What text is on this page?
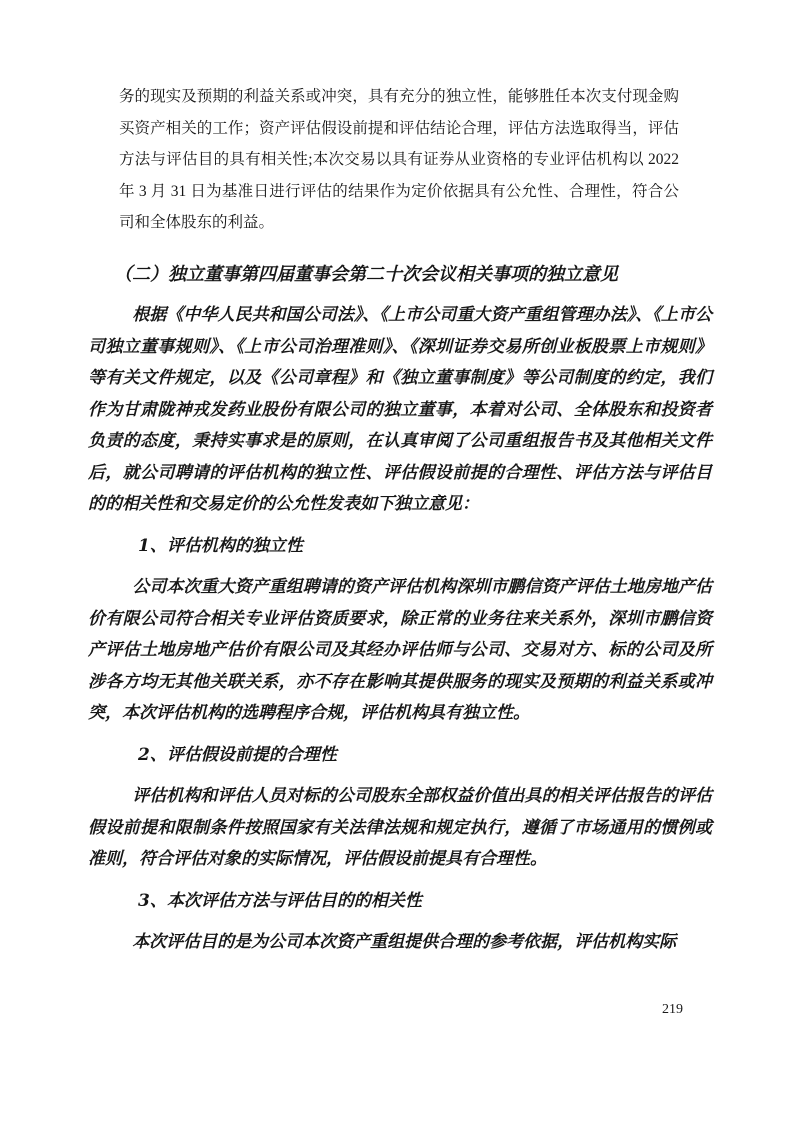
务的现实及预期的利益关系或冲突，具有充分的独立性，能够胜任本次支付现金购买资产相关的工作；资产评估假设前提和评估结论合理，评估方法选取得当，评估方法与评估目的具有相关性;本次交易以具有证券从业资格的专业评估机构以 2022 年 3 月 31 日为基准日进行评估的结果作为定价依据具有公允性、合理性，符合公司和全体股东的利益。

（二）独立董事第四届董事会第二十次会议相关事项的独立意见

根据《中华人民共和国公司法》、《上市公司重大资产重组管理办法》、《上市公司独立董事规则》、《上市公司治理准则》、《深圳证券交易所创业板股票上市规则》等有关文件规定，以及《公司章程》和《独立董事制度》等公司制度的约定，我们作为甘肃陇神戎发药业股份有限公司的独立董事，本着对公司、全体股东和投资者负责的态度，秉持实事求是的原则，在认真审阅了公司重组报告书及其他相关文件后，就公司聘请的评估机构的独立性、评估假设前提的合理性、评估方法与评估目的的相关性和交易定价的公允性发表如下独立意见：

1、评估机构的独立性

公司本次重大资产重组聘请的资产评估机构深圳市鹏信资产评估土地房地产估价有限公司符合相关专业评估资质要求，除正常的业务往来关系外，深圳市鹏信资产评估土地房地产估价有限公司及其经办评估师与公司、交易对方、标的公司及所涉各方均无其他关联关系，亦不存在影响其提供服务的现实及预期的利益关系或冲突，本次评估机构的选聘程序合规，评估机构具有独立性。

2、评估假设前提的合理性

评估机构和评估人员对标的公司股东全部权益价值出具的相关评估报告的评估假设前提和限制条件按照国家有关法律法规和规定执行，遵循了市场通用的惯例或准则，符合评估对象的实际情况，评估假设前提具有合理性。

3、本次评估方法与评估目的的相关性

本次评估目的是为公司本次资产重组提供合理的参考依据，评估机构实际

219
